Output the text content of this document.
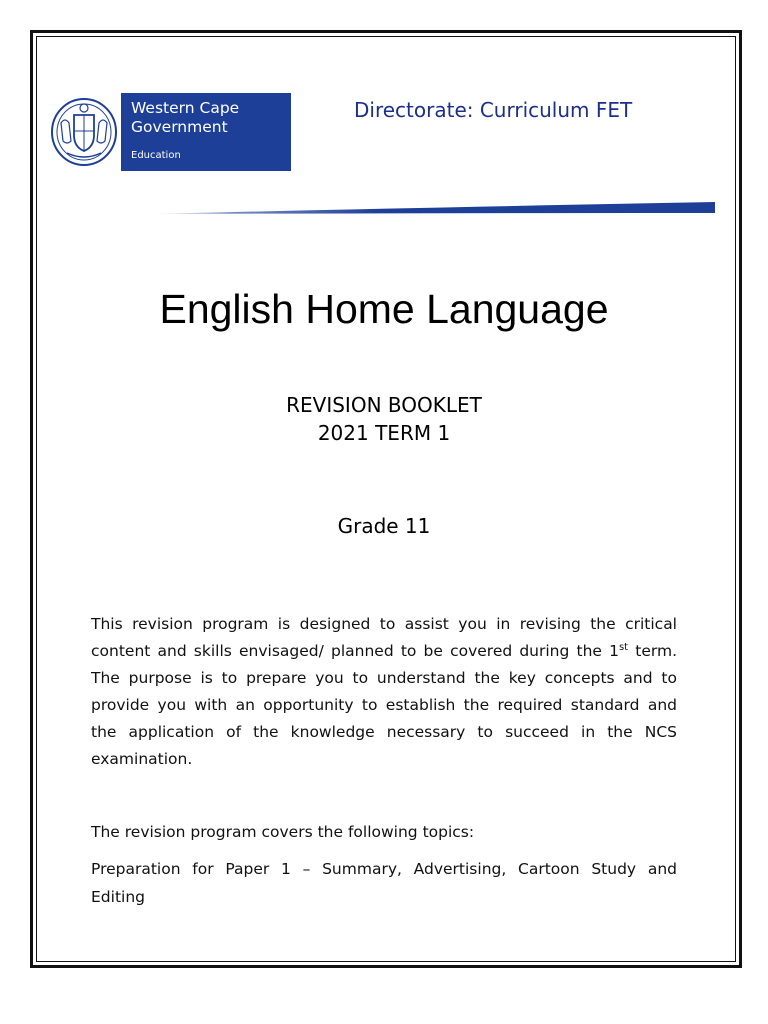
Western Cape
Government
Education
Directorate: Curriculum FET
English Home Language
REVISION BOOKLET
2021 TERM 1
Grade 11
This revision program is designed to assist you in revising the critical
content and skills envisaged/ planned to be covered during the 1st term.
The purpose is to prepare you to understand the key concepts and to
provide you with an opportunity to establish the required standard and
the application of the knowledge necessary to succeed in the NCS
examination.
The revision program covers the following topics:
Preparation for Paper 1 – Summary, Advertising, Cartoon Study and
Editing
